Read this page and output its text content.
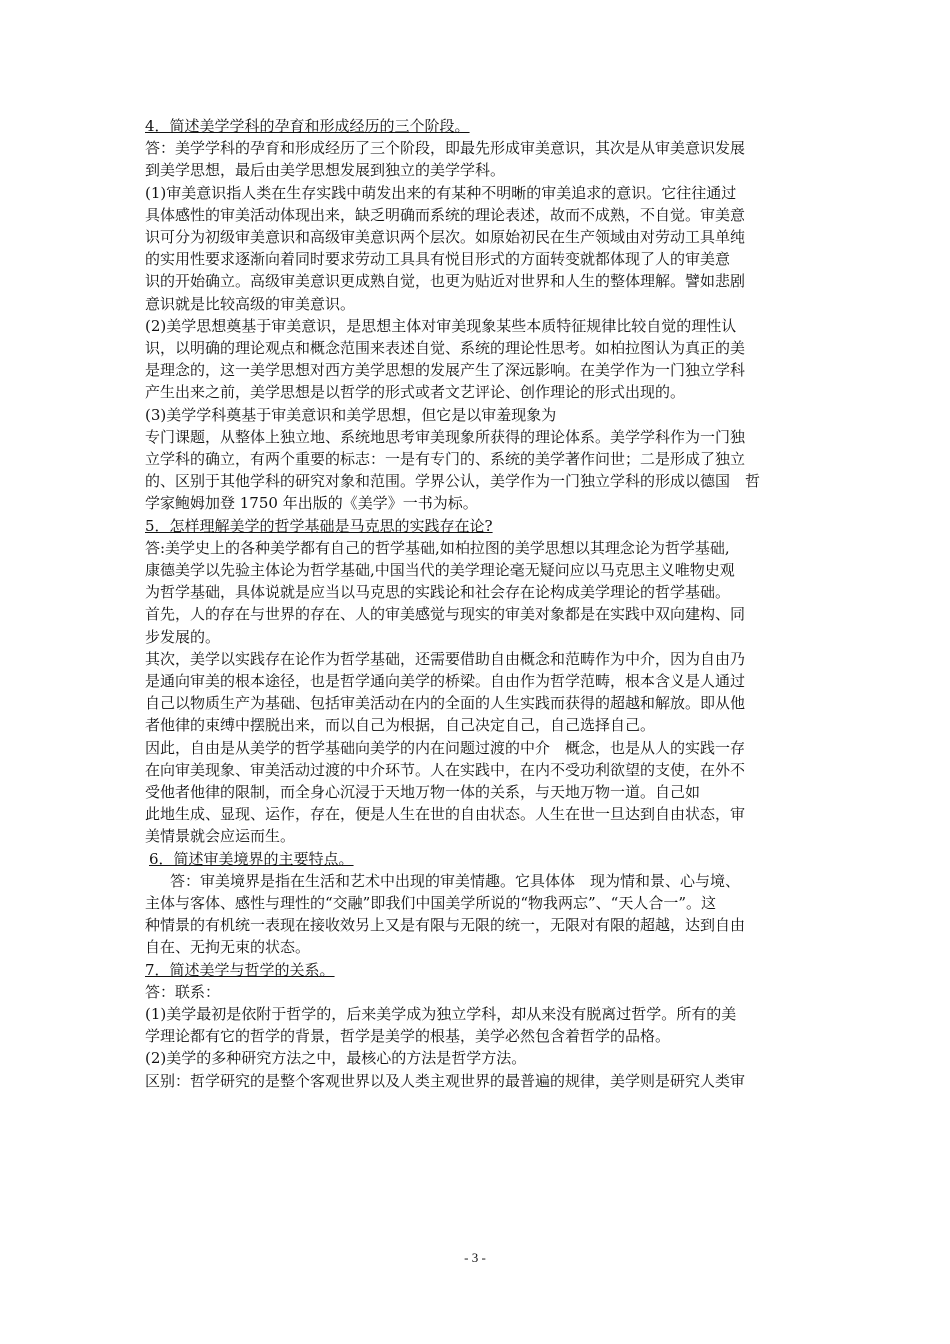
4．简述美学学科的孕育和形成经历的三个阶段。
答：美学学科的孕育和形成经历了三个阶段，即最先形成审美意识，其次是从审美意识发展
到美学思想，最后由美学思想发展到独立的美学学科。
(1)审美意识指人类在生存实践中萌发出来的有某种不明晰的审美追求的意识。它往往通过
具体感性的审美活动体现出来，缺乏明确而系统的理论表述，故而不成熟，不自觉。审美意
识可分为初级审美意识和高级审美意识两个层次。如原始初民在生产领域由对劳动工具单纯
的实用性要求逐渐向着同时要求劳动工具具有悦目形式的方面转变就都体现了人的审美意
识的开始确立。高级审美意识更成熟自觉，也更为贴近对世界和人生的整体理解。譬如悲剧
意识就是比较高级的审美意识。
(2)美学思想奠基于审美意识，是思想主体对审美现象某些本质特征规律比较自觉的理性认
识，以明确的理论观点和概念范围来表述自觉、系统的理论性思考。如柏拉图认为真正的美
是理念的，这一美学思想对西方美学思想的发展产生了深远影响。在美学作为一门独立学科
产生出来之前，美学思想是以哲学的形式或者文艺评论、创作理论的形式出现的。
(3)美学学科奠基于审美意识和美学思想，但它是以审羞现象为
专门课题，从整体上独立地、系统地思考审美现象所获得的理论体系。美学学科作为一门独
立学科的确立，有两个重要的标志：一是有专门的、系统的美学著作问世；二是形成了独立
的、区别于其他学科的研究对象和范围。学界公认，美学作为一门独立学科的形成以德国　哲
学家鲍姆加登 1750 年出版的《美学》一书为标。
5．怎样理解美学的哲学基础是马克思的实践存在论?
答:美学史上的各种美学都有自己的哲学基础,如柏拉图的美学思想以其理念论为哲学基础,
康德美学以先验主体论为哲学基础,中国当代的美学理论毫无疑问应以马克思主义唯物史观
为哲学基础，具体说就是应当以马克思的实践论和社会存在论构成美学理论的哲学基础。
首先，人的存在与世界的存在、人的审美感觉与现实的审美对象都是在实践中双向建构、同
步发展的。
其次，美学以实践存在论作为哲学基础，还需要借助自由概念和范畴作为中介，因为自由乃
是通向审美的根本途径，也是哲学通向美学的桥梁。自由作为哲学范畴，根本含义是人通过
自己以物质生产为基础、包括审美活动在内的全面的人生实践而获得的超越和解放。即从他
者他律的束缚中摆脱出来，而以自己为根据，自己决定自己，自己选择自己。
因此，自由是从美学的哲学基础向美学的内在问题过渡的中介　概念，也是从人的实践一存
在向审美现象、审美活动过渡的中介环节。人在实践中，在内不受功利欲望的支使，在外不
受他者他律的限制，而全身心沉浸于天地万物一体的关系，与天地万物一道。自己如
此地生成、显现、运作，存在，便是人生在世的自由状态。人生在世一旦达到自由状态，审
美情景就会应运而生。
6．简述审美境界的主要特点。
答：审美境界是指在生活和艺术中出现的审美情趣。它具体体　现为情和景、心与境、
主体与客体、感性与理性的“交融”即我们中国美学所说的“物我两忘”、“天人合一”。这
种情景的有机统一表现在接收效另上又是有限与无限的统一，无限对有限的超越，达到自由
自在、无拘无束的状态。
7．简述美学与哲学的关系。
答：联系：
(1)美学最初是依附于哲学的，后来美学成为独立学科，却从来没有脱离过哲学。所有的美
学理论都有它的哲学的背景，哲学是美学的根基，美学必然包含着哲学的品格。
(2)美学的多种研究方法之中，最核心的方法是哲学方法。
区别：哲学研究的是整个客观世界以及人类主观世界的最普遍的规律，美学则是研究人类审
- 3 -
